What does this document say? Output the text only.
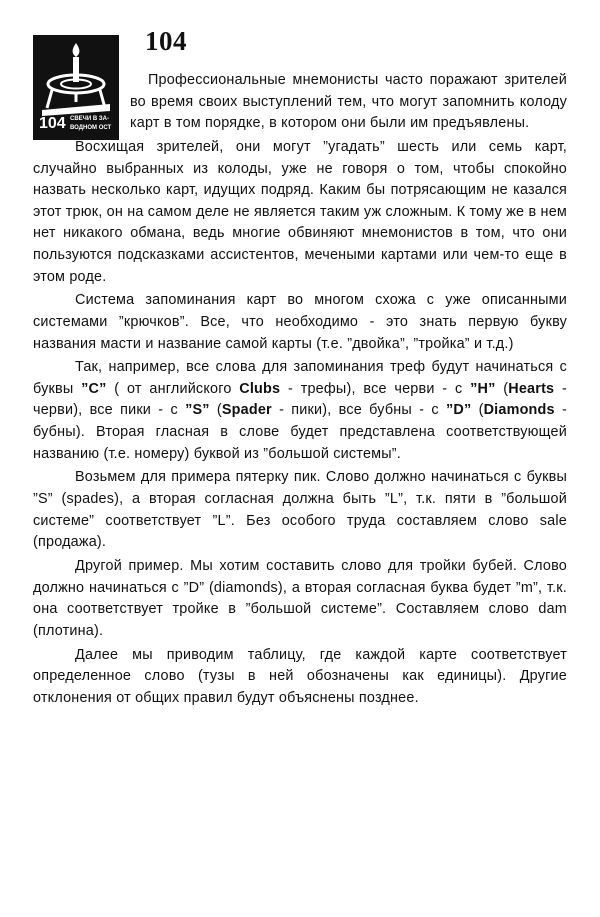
104
104 СВЕЧИ В ЗА-
ВОДНОМ ОСТ

Профессиональные мнемонисты часто поражают зрителей во время своих выступлений тем, что могут запомнить колоду карт в том порядке, в котором они были им предъявлены.

Восхищая зрителей, они могут ”угадать” шесть или семь карт, случайно выбранных из колоды, уже не говоря о том, чтобы спокойно назвать несколько карт, идущих подряд. Каким бы потрясающим не казался этот трюк, он на самом деле не является таким уж сложным. К тому же в нем нет никакого обмана, ведь многие обвиняют мнемонистов в том, что они пользуются подсказками ассистентов, мечеными картами или чем-то еще в этом роде.

Система запоминания карт во многом схожа с уже описанными системами ”крючков”. Все, что необходимо - это знать первую букву названия масти и название самой карты (т.е. ”двойка”, ”тройка” и т.д.)

Так, например, все слова для запоминания треф будут начинаться с буквы ”C” ( от английского Clubs - трефы), все черви - с ”H” (Hearts - черви), все пики - с ”S” (Spader - пики), все бубны - с ”D” (Diamonds - бубны). Вторая гласная в слове будет представлена соответствующей названию (т.е. номеру) буквой из ”большой системы”.

Возьмем для примера пятерку пик. Слово должно начинаться с буквы ”S” (spades), а вторая согласная должна быть ”L”, т.к. пяти в ”большой системе” соответствует ”L”. Без особого труда составляем слово sale (продажа).

Другой пример. Мы хотим составить слово для тройки бубей. Слово должно начинаться с ”D” (diamonds), а вторая согласная буква будет ”m”, т.к. она соответствует тройке в ”большой системе”. Составляем слово dam (плотина).

Далее мы приводим таблицу, где каждой карте соответствует определенное слово (тузы в ней обозначены как единицы). Другие отклонения от общих правил будут объяснены позднее.
